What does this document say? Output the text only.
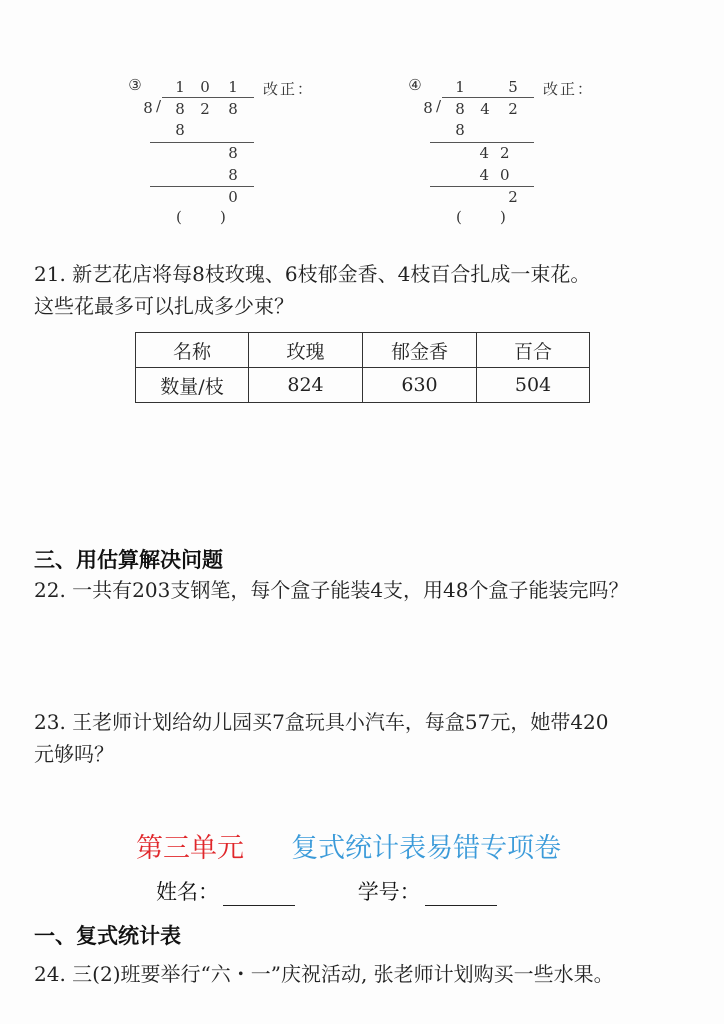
③ 1 0 1 改正：
8 / 8 2 8
8
8
8
0
(        )
④ 1	5 改正：
8 / 8 4 2
8
42
40
2
(        )
21. 新艺花店将每8枝玫瑰、6枝郁金香、4枝百合扎成一束花。
这些花最多可以扎成多少束？
名称	玫瑰	郁金香	百合
数量/枝	824	630	504
三、用估算解决问题
22. 一共有203支钢笔，每个盒子能装4支，用48个盒子能装完吗？
23. 王老师计划给幼儿园买7盒玩具小汽车，每盒57元，她带420
元够吗？
第三单元 复式统计表易错专项卷
姓名：	学号：
一、复式统计表
24. 三(2)班要举行“六・一”庆祝活动, 张老师计划购买一些水果。
